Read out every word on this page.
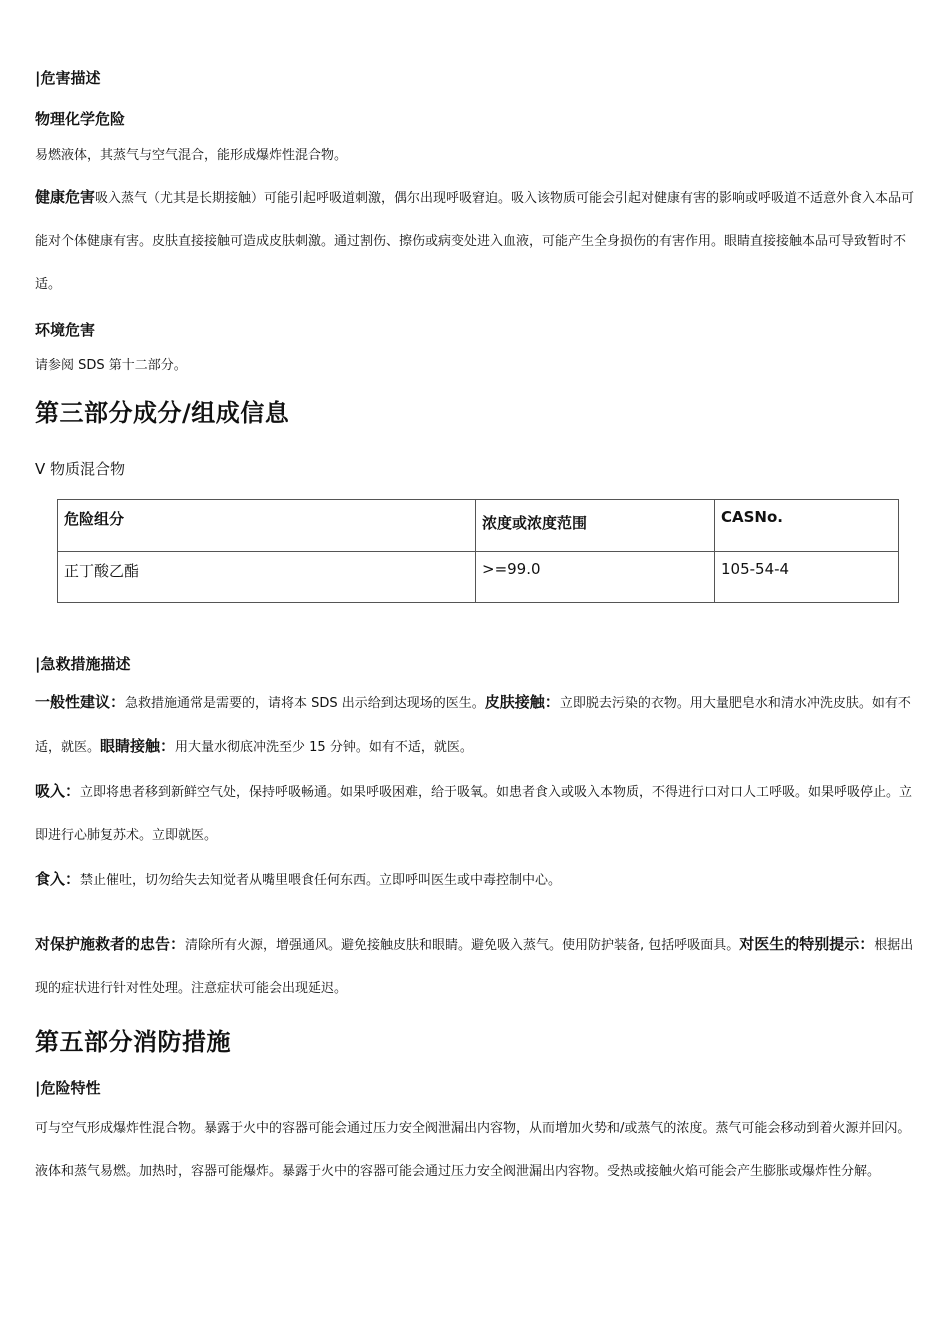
|危害描述
物理化学危险
易燃液体，其蒸气与空气混合，能形成爆炸性混合物。
健康危害吸入蒸气（尤其是长期接触）可能引起呼吸道刺激，偶尔出现呼吸窘迫。吸入该物质可能会引起对健康有害的影响或呼吸道不适意外食入本品可能对个体健康有害。皮肤直接接触可造成皮肤刺激。通过割伤、擦伤或病变处进入血液，可能产生全身损伤的有害作用。眼睛直接接触本品可导致暂时不适。
环境危害
请参阅 SDS 第十二部分。
第三部分成分/组成信息
V 物质混合物
危险组分	浓度或浓度范围	CASNo.
正丁酸乙酯	>=99.0	105-54-4
|急救措施描述
一般性建议：急救措施通常是需要的，请将本 SDS 出示给到达现场的医生。皮肤接触：立即脱去污染的衣物。用大量肥皂水和清水冲洗皮肤。如有不适，就医。眼睛接触：用大量水彻底冲洗至少 15 分钟。如有不适，就医。
吸入：立即将患者移到新鲜空气处，保持呼吸畅通。如果呼吸困难，给于吸氧。如患者食入或吸入本物质，不得进行口对口人工呼吸。如果呼吸停止。立即进行心肺复苏术。立即就医。
食入：禁止催吐，切勿给失去知觉者从嘴里喂食任何东西。立即呼叫医生或中毒控制中心。
对保护施救者的忠告：清除所有火源，增强通风。避免接触皮肤和眼睛。避免吸入蒸气。使用防护装备, 包括呼吸面具。对医生的特别提示：根据出现的症状进行针对性处理。注意症状可能会出现延迟。
第五部分消防措施
|危险特性
可与空气形成爆炸性混合物。暴露于火中的容器可能会通过压力安全阀泄漏出内容物，从而增加火势和/或蒸气的浓度。蒸气可能会移动到着火源并回闪。液体和蒸气易燃。加热时，容器可能爆炸。暴露于火中的容器可能会通过压力安全阀泄漏出内容物。受热或接触火焰可能会产生膨胀或爆炸性分解。
